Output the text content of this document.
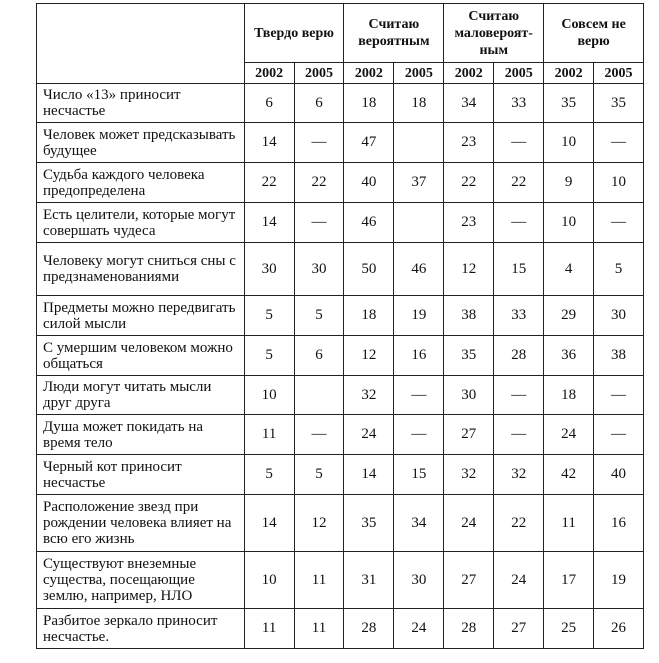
	Твердо верю		Считаю вероятным		Считаю маловероят-ным		Совсем не верю	
	2002	2005	2002	2005	2002	2005	2002	2005
Число «13» приносит несчастье	6	6	18	18	34	33	35	35
Человек может предсказывать будущее	14	—	47		23	—	10	—
Судьба каждого человека предопределена	22	22	40	37	22	22	9	10
Есть целители, которые могут совершать чудеса	14	—	46		23	—	10	—
Человеку могут сниться сны с предзнаменованиями	30	30	50	46	12	15	4	5
Предметы можно передвигать силой мысли	5	5	18	19	38	33	29	30
С умершим человеком можно общаться	5	6	12	16	35	28	36	38
Люди могут читать мысли друг друга	10		32	—	30	—	18	—
Душа может покидать на время тело	11	—	24	—	27	—	24	—
Черный кот приносит несчастье	5	5	14	15	32	32	42	40
Расположение звезд при рождении человека влияет на всю его жизнь	14	12	35	34	24	22	11	16
Существуют внеземные существа, посещающие землю, например, НЛО	10	11	31	30	27	24	17	19
Разбитое зеркало приносит несчастье.	11	11	28	24	28	27	25	26
